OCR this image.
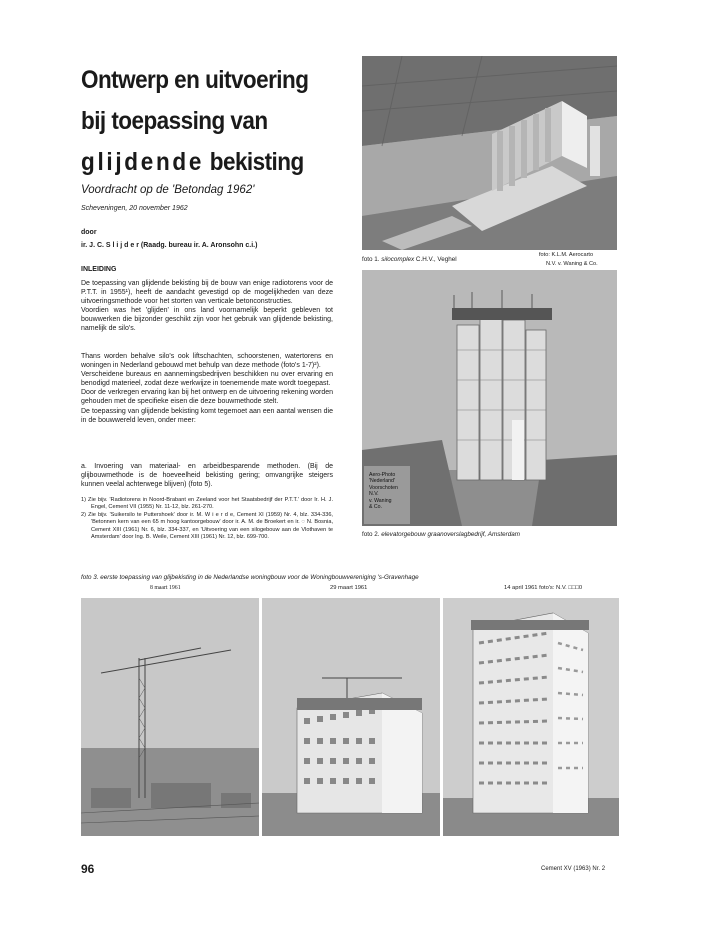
Ontwerp en uitvoering
bij toepassing van
glijdende bekisting
Voordracht op de 'Betondag 1962'
Scheveningen, 20 november 1962
door
ir. J. C. S l i j d e r (Raadg. bureau ir. A. Aronsohn c.i.)
INLEIDING

De toepassing van glijdende bekisting bij de bouw van enige radiotorens voor de P.T.T. in 1955¹), heeft de aandacht gevestigd op de mogelijkheden van deze uitvoeringsmethode voor het storten van verticale betonconstructies.

Voordien was het 'glijden' in ons land voornamelijk beperkt gebleven tot bouwwerken die bijzonder geschikt zijn voor het gebruik van glijdende bekisting, namelijk de silo's.

Thans worden behalve silo's ook liftschachten, schoorstenen, watertorens en woningen in Nederland gebouwd met behulp van deze methode (foto's 1-7)²).

Verscheidene bureaus en aannemingsbedrijven beschikken nu over ervaring en benodigd materieel, zodat deze werkwijze in toenemende mate wordt toegepast.

Door de verkregen ervaring kan bij het ontwerp en de uitvoering rekening worden gehouden met de specifieke eisen die deze bouwmethode stelt.

De toepassing van glijdende bekisting komt tegemoet aan een aantal wensen die in de bouwwereld leven, onder meer:

a. Invoering van materiaal- en arbeidbesparende methoden. (Bij de glijbouwmethode is de hoeveelheid bekisting gering; omvangrijke steigers kunnen veelal achterwege blijven) (foto 5).

1) Zie bijv. 'Radiotorens in Noord-Brabant en Zeeland voor het Staatsbedrijf der P.T.T.' door Ir. H. J. Engel, Cement VII (1955) Nr. 11-12, blz. 261-270.

2) Zie bijv. 'Suikersilo te Puttershoek' door ir. M. W i e r d e, Cement XI (1959) Nr. 4, blz. 334-336, 'Betonnen kern van een 65 m hoog kantoorgebouw' door ir. A. M. de Broekert en ir. ◌ N. Bosnia, Cement XIII (1961) Nr. 6, blz. 334-337, en 'Uitvoering van een silogebouw aan de Vlothaven te Amsterdam' door Ing. B. Weile, Cement XIII (1961) Nr. 12, blz. 699-700.

foto 1. silocomplex C.H.V., Veghel
foto: K.L.M. Aerocarto
N.V. v. Waning & Co.
Aero-Photo
'Nederland'
Voorschoten
N.V.
v. Waning
& Co.
foto 2. elevatorgebouw graanoverslagbedrijf, Amsterdam
foto 3. eerste toepassing van glijbekisting in de Nederlandse woningbouw voor de Woningbouwvereniging 's-Gravenhage
8 maart 1961	29 maart 1961	14 april 1961 foto's: N.V. □□□0
96	Cement XV (1963) Nr. 2
